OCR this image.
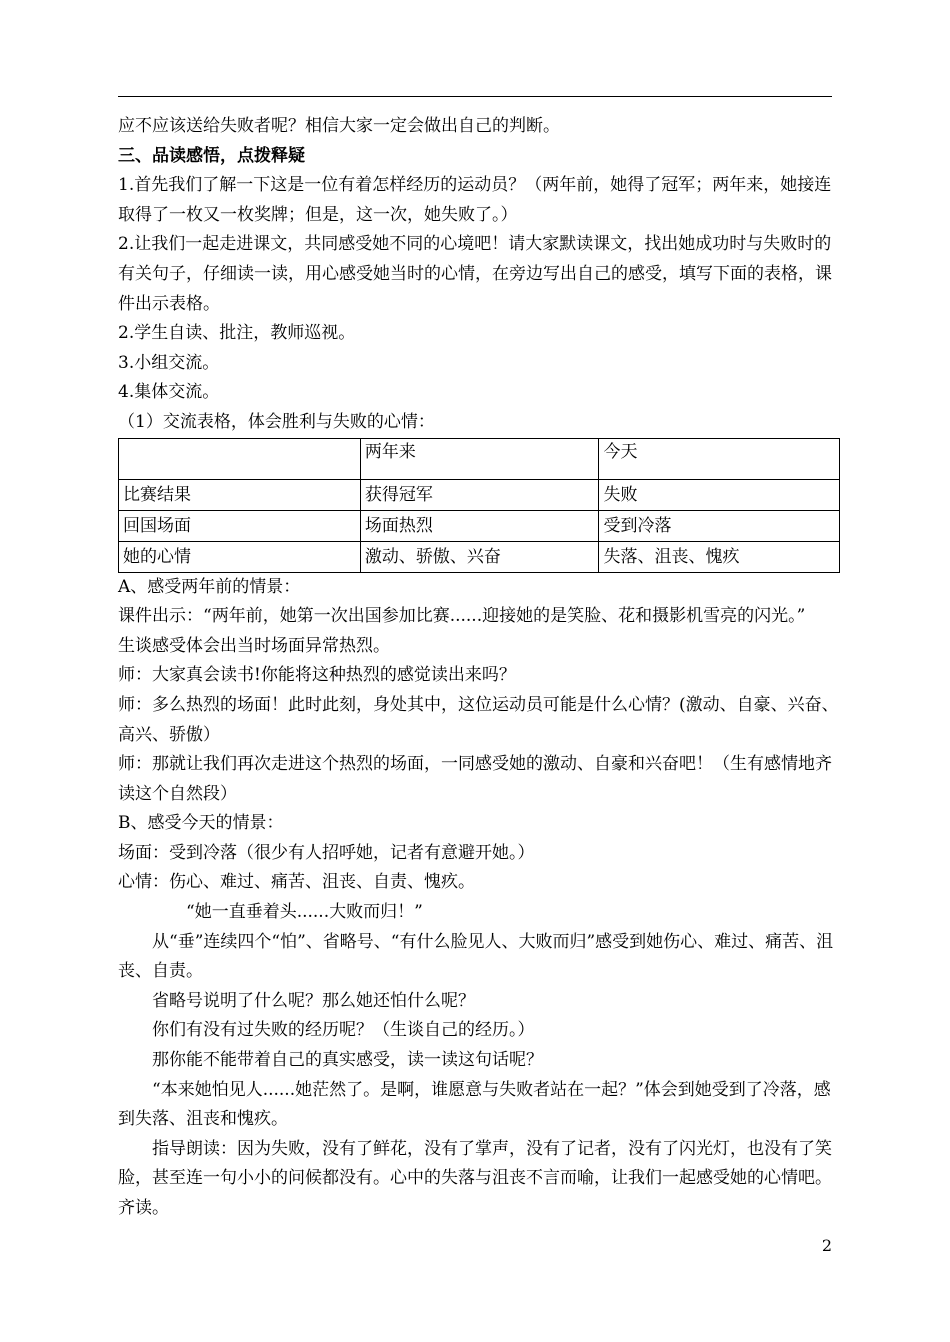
应不应该送给失败者呢？相信大家一定会做出自己的判断。

三、品读感悟，点拨释疑

1.首先我们了解一下这是一位有着怎样经历的运动员？（两年前，她得了冠军；两年来，她接连取得了一枚又一枚奖牌；但是，这一次，她失败了。）

2.让我们一起走进课文，共同感受她不同的心境吧！请大家默读课文，找出她成功时与失败时的有关句子，仔细读一读，用心感受她当时的心情，在旁边写出自己的感受，填写下面的表格，课件出示表格。

2.学生自读、批注，教师巡视。

3.小组交流。

4.集体交流。

（1）交流表格，体会胜利与失败的心情：

	两年来	今天
比赛结果	获得冠军	失败
回国场面	场面热烈	受到冷落
她的心情	激动、骄傲、兴奋	失落、沮丧、愧疚

A、感受两年前的情景：

课件出示：“两年前，她第一次出国参加比赛......迎接她的是笑脸、花和摄影机雪亮的闪光。”

生谈感受体会出当时场面异常热烈。

师：大家真会读书!你能将这种热烈的感觉读出来吗？

师：多么热烈的场面！此时此刻，身处其中，这位运动员可能是什么心情？(激动、自豪、兴奋、高兴、骄傲）

师：那就让我们再次走进这个热烈的场面，一同感受她的激动、自豪和兴奋吧！（生有感情地齐读这个自然段）

B、感受今天的情景：

场面：受到冷落（很少有人招呼她，记者有意避开她。）

心情：伤心、难过、痛苦、沮丧、自责、愧疚。

“她一直垂着头......大败而归！”

从“垂”连续四个“怕”、省略号、“有什么脸见人、大败而归”感受到她伤心、难过、痛苦、沮丧、自责。

省略号说明了什么呢？那么她还怕什么呢？

你们有没有过失败的经历呢？（生谈自己的经历。）

那你能不能带着自己的真实感受，读一读这句话呢？

“本来她怕见人......她茫然了。是啊，谁愿意与失败者站在一起？”体会到她受到了冷落，感到失落、沮丧和愧疚。

指导朗读：因为失败，没有了鲜花，没有了掌声，没有了记者，没有了闪光灯，也没有了笑脸，甚至连一句小小的问候都没有。心中的失落与沮丧不言而喻，让我们一起感受她的心情吧。齐读。

2
